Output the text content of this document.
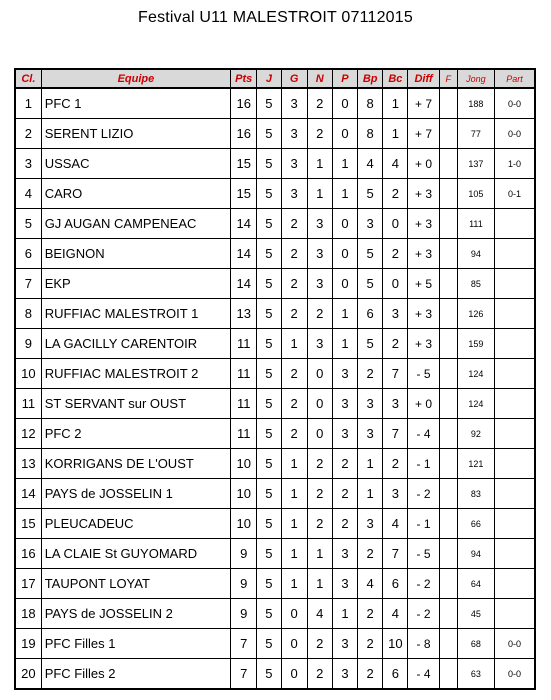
Festival U11 MALESTROIT 07112015
Cl.	Equipe	Pts	J	G	N	P	Bp	Bc	Diff	F	Jong	Part
1	PFC 1	16	5	3	2	0	8	1	+ 7		188	0-0
2	SERENT LIZIO	16	5	3	2	0	8	1	+ 7		77	0-0
3	USSAC	15	5	3	1	1	4	4	+ 0		137	1-0
4	CARO	15	5	3	1	1	5	2	+ 3		105	0-1
5	GJ AUGAN CAMPENEAC	14	5	2	3	0	3	0	+ 3		111	
6	BEIGNON	14	5	2	3	0	5	2	+ 3		94	
7	EKP	14	5	2	3	0	5	0	+ 5		85	
8	RUFFIAC MALESTROIT 1	13	5	2	2	1	6	3	+ 3		126	
9	LA GACILLY CARENTOIR	11	5	1	3	1	5	2	+ 3		159	
10	RUFFIAC MALESTROIT 2	11	5	2	0	3	2	7	- 5		124	
11	ST SERVANT sur OUST	11	5	2	0	3	3	3	+ 0		124	
12	PFC 2	11	5	2	0	3	3	7	- 4		92	
13	KORRIGANS DE L'OUST	10	5	1	2	2	1	2	- 1		121	
14	PAYS de JOSSELIN 1	10	5	1	2	2	1	3	- 2		83	
15	PLEUCADEUC	10	5	1	2	2	3	4	- 1		66	
16	LA CLAIE St GUYOMARD	9	5	1	1	3	2	7	- 5		94	
17	TAUPONT LOYAT	9	5	1	1	3	4	6	- 2		64	
18	PAYS de JOSSELIN 2	9	5	0	4	1	2	4	- 2		45	
19	PFC Filles 1	7	5	0	2	3	2	10	- 8		68	0-0
20	PFC Filles 2	7	5	0	2	3	2	6	- 4		63	0-0
